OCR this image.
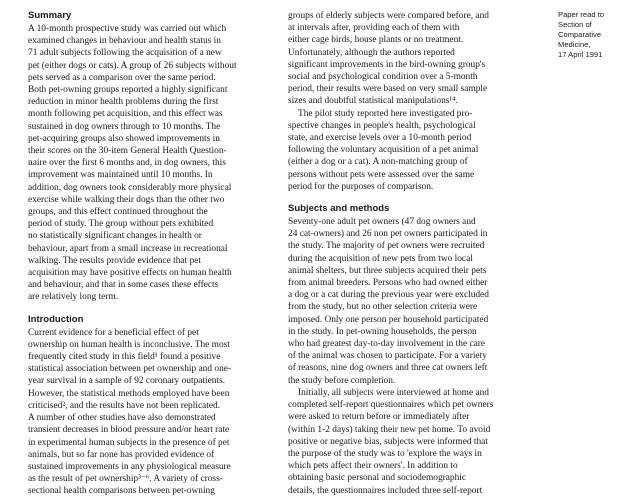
Summary

A 10-month prospective study was carried out which
examined changes in behaviour and health status in
71 adult subjects following the acquisition of a new
pet (either dogs or cats). A group of 26 subjects without
pets served as a comparison over the same period.
Both pet-owning groups reported a highly significant
reduction in minor health problems during the first
month following pet acquisition, and this effect was
sustained in dog owners through to 10 months. The
pet-acquiring groups also showed improvements in
their scores on the 30-item General Health Question-
naire over the first 6 months and, in dog owners, this
improvement was maintained until 10 months. In
addition, dog owners took considerably more physical
exercise while walking their dogs than the other two
groups, and this effect continued throughout the
period of study. The group without pets exhibited
no statistically significant changes in health or
behaviour, apart from a small increase in recreational
walking. The results provide evidence that pet
acquisition may have positive effects on human health
and behaviour, and that in some cases these effects
are relatively long term.

Introduction

Current evidence for a beneficial effect of pet
ownership on human health is inconclusive. The most
frequently cited study in this field¹ found a positive
statistical association between pet ownership and one-
year survival in a sample of 92 coronary outpatients.
However, the statistical methods employed have been
criticised², and the results have not been replicated.
A number of other studies have also demonstrated
transient decreases in blood pressure and/or heart rate
in experimental human subjects in the presence of pet
animals, but so far none has provided evidence of
sustained improvements in any physiological measure
as the result of pet ownership³⁻⁶. A variety of cross-
sectional health comparisons between pet-owning

groups of elderly subjects were compared before, and
at intervals after, providing each of them with
either cage birds, house plants or no treatment.
Unfortunately, although the authors reported
significant improvements in the bird-owning group's
social and psychological condition over a 5-month
period, their results were based on very small sample
sizes and doubtful statistical manipulations¹⁴.

The pilot study reported here investigated pro-
spective changes in people's health, psychological
state, and exercise levels over a 10-month period
following the voluntary acquisition of a pet animal
(either a dog or a cat). A non-matching group of
persons without pets were assessed over the same
period for the purposes of comparison.

Subjects and methods

Seventy-one adult pet owners (47 dog owners and
24 cat-owners) and 26 non pet owners participated in
the study. The majority of pet owners were recruited
during the acquisition of new pets from two local
animal shelters, but three subjects acquired their pets
from animal breeders. Persons who had owned either
a dog or a cat during the previous year were excluded
from the study, but no other selection criteria were
imposed. Only one person per household participated
in the study. In pet-owning households, the person
who had greatest day-to-day involvement in the care
of the animal was chosen to participate. For a variety
of reasons, nine dog owners and three cat owners left
the study before completion.

Initially, all subjects were interviewed at home and
completed self-report questionnaires which pet owners
were asked to return before or immediately after
(within 1-2 days) taking their new pet home. To avoid
positive or negative bias, subjects were informed that
the purpose of the study was to 'explore the ways in
which pets affect their owners'. In addition to
obtaining basic personal and sociodemographic
details, the questionnaires included three self-report

Paper read to
Section of
Comparative
Medicine,
17 April 1991
